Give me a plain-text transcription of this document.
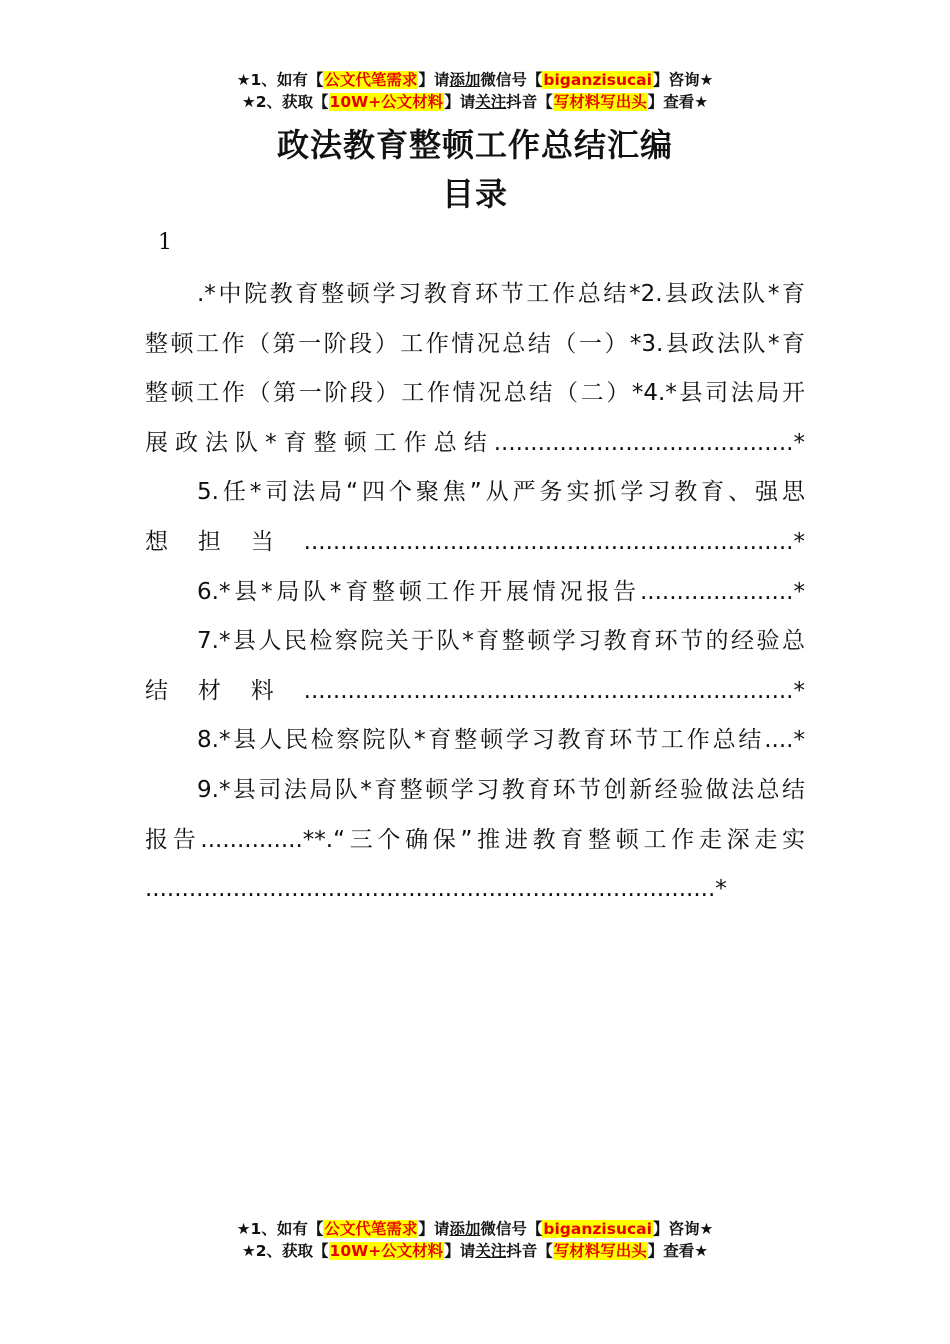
★1、如有【公文代笔需求】请添加微信号【biganzisucai】咨询★
★2、获取【10W+公文材料】请关注抖音【写材料写出头】查看★
政法教育整顿工作总结汇编
目录
1

.*中院教育整顿学习教育环节工作总结*2.县政法队*育

整顿工作（第一阶段）工作情况总结（一）*3.县政法队*育

整顿工作（第一阶段）工作情况总结（二）*4.*县司法局开

展政法队*育整顿工作总结.........................................*

5.任*司法局“四个聚焦”从严务实抓学习教育、强思

想担当...................................................................*

6.*县*局队*育整顿工作开展情况报告.....................*

7.*县人民检察院关于队*育整顿学习教育环节的经验总

结材料...................................................................*

8.*县人民检察院队*育整顿学习教育环节工作总结....*

9.*县司法局队*育整顿学习教育环节创新经验做法总结

报告..............**.“三个确保”推进教育整顿工作走深走实

..............................................................................*

★1、如有【公文代笔需求】请添加微信号【biganzisucai】咨询★
★2、获取【10W+公文材料】请关注抖音【写材料写出头】查看★
